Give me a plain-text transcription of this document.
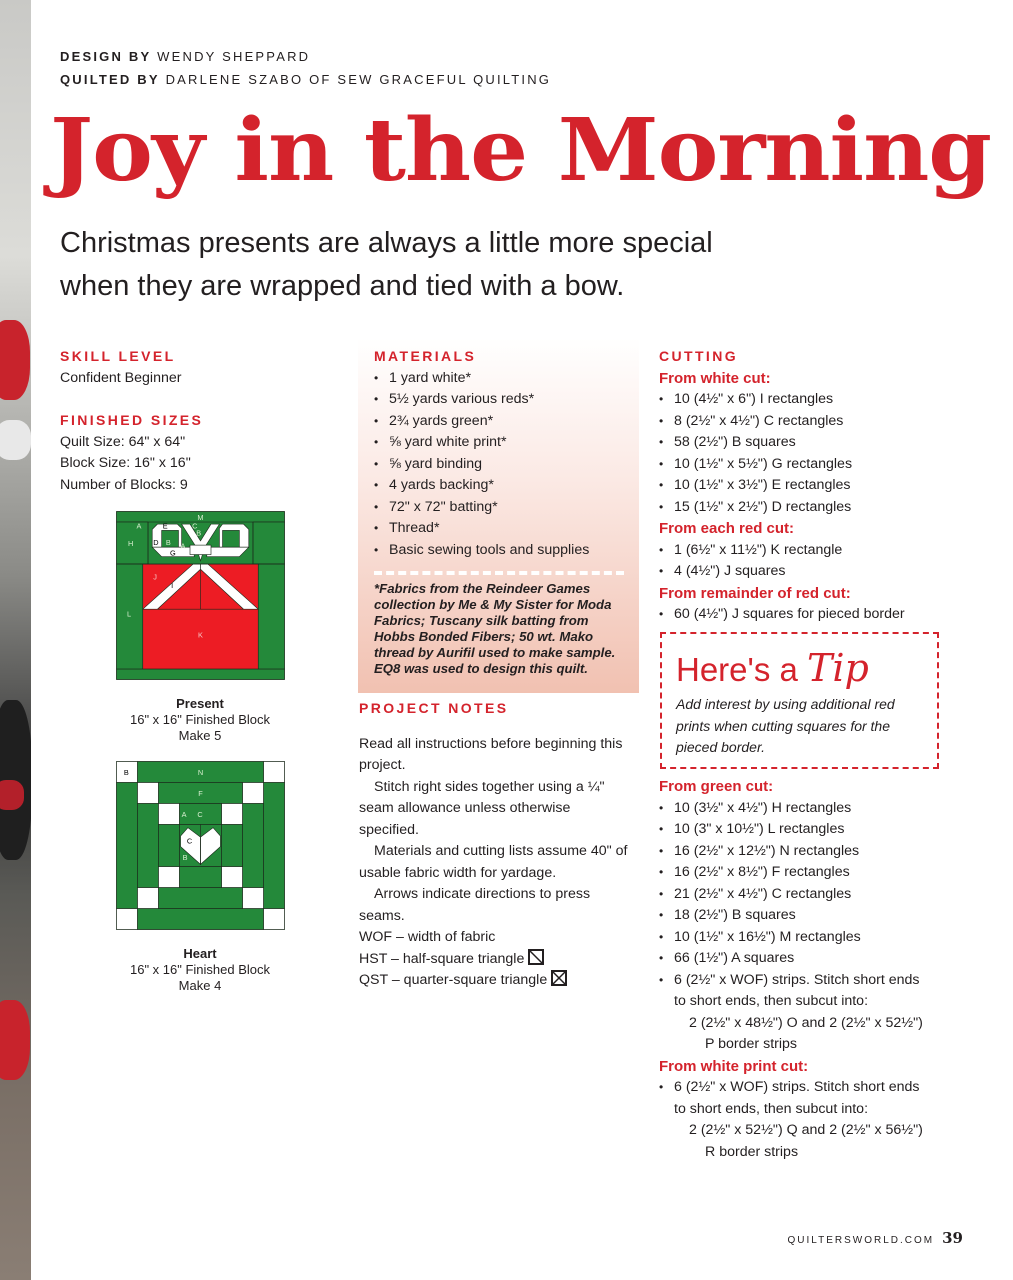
DESIGN BY WENDY SHEPPARD
QUILTED BY DARLENE SZABO OF SEW GRACEFUL QUILTING
Joy in the Morning
Christmas presents are always a little more special
when they are wrapped and tied with a bow.
SKILL LEVEL
Confident Beginner
FINISHED SIZES
Quilt Size: 64" x 64"
Block Size: 16" x 16"
Number of Blocks: 9
Present
16" x 16" Finished Block
Make 5
Heart
16" x 16" Finished Block
Make 4
MATERIALS
• 1 yard white*
• 5½ yards various reds*
• 2¾ yards green*
• ⅝ yard white print*
• ⅝ yard binding
• 4 yards backing*
• 72" x 72" batting*
• Thread*
• Basic sewing tools and supplies
*Fabrics from the Reindeer Games collection by Me & My Sister for Moda Fabrics; Tuscany silk batting from Hobbs Bonded Fibers; 50 wt. Mako thread by Aurifil used to make sample. EQ8 was used to design this quilt.
PROJECT NOTES
Read all instructions before beginning this project.
Stitch right sides together using a ¼" seam allowance unless otherwise specified.
Materials and cutting lists assume 40" of usable fabric width for yardage.
Arrows indicate directions to press seams.
WOF – width of fabric
HST – half-square triangle
QST – quarter-square triangle
CUTTING
From white cut:
• 10 (4½" x 6") I rectangles
• 8 (2½" x 4½") C rectangles
• 58 (2½") B squares
• 10 (1½" x 5½") G rectangles
• 10 (1½" x 3½") E rectangles
• 15 (1½" x 2½") D rectangles
From each red cut:
• 1 (6½" x 11½") K rectangle
• 4 (4½") J squares
From remainder of red cut:
• 60 (4½") J squares for pieced border
Here's a Tip
Add interest by using additional red prints when cutting squares for the pieced border.
From green cut:
• 10 (3½" x 4½") H rectangles
• 10 (3" x 10½") L rectangles
• 16 (2½" x 12½") N rectangles
• 16 (2½" x 8½") F rectangles
• 21 (2½" x 4½") C rectangles
• 18 (2½") B squares
• 10 (1½" x 16½") M rectangles
• 66 (1½") A squares
• 6 (2½" x WOF) strips. Stitch short ends
to short ends, then subcut into:
2 (2½" x 48½") O and 2 (2½" x 52½")
P border strips
From white print cut:
• 6 (2½" x WOF) strips. Stitch short ends
to short ends, then subcut into:
2 (2½" x 52½") Q and 2 (2½" x 56½")
R border strips
QUILTERSWORLD.COM 39
